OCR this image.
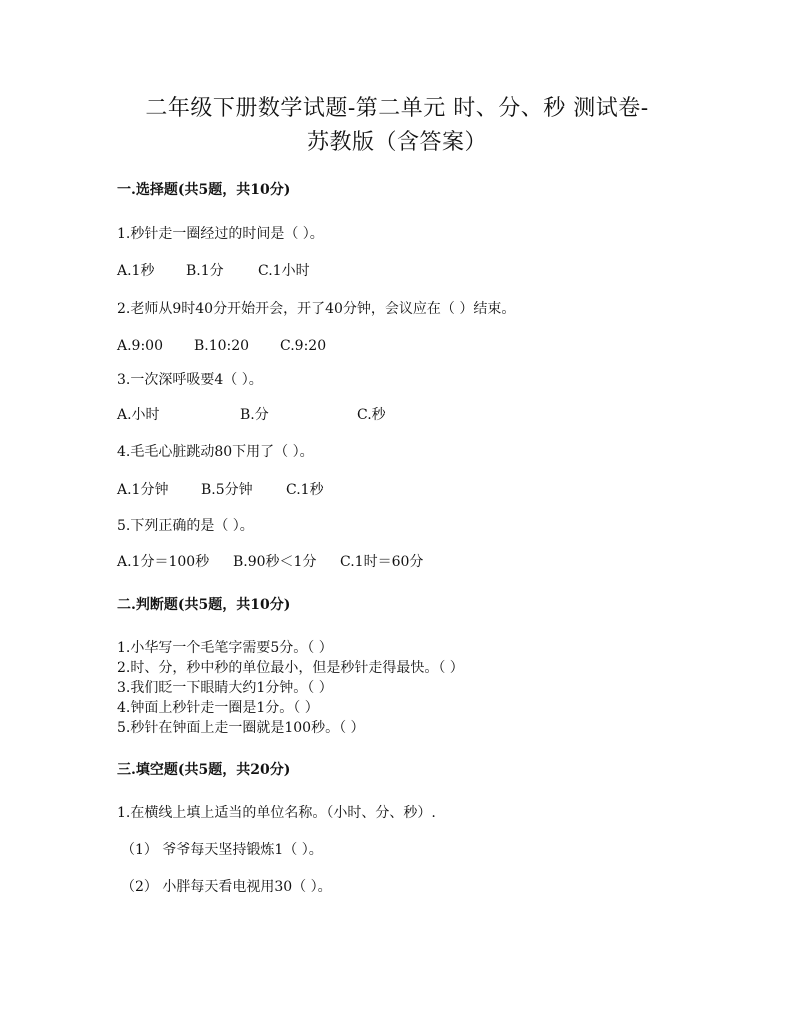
二年级下册数学试题-第二单元 时、分、秒 测试卷-
苏教版（含答案）
一.选择题(共5题，共10分)
1.秒针走一圈经过的时间是（ ）。
A.1秒 B.1分 C.1小时
2.老师从9时40分开始开会，开了40分钟，会议应在（ ）结束。
A.9:00 B.10:20 C.9:20
3.一次深呼吸要4（ ）。
A.小时	B.分	C.秒
4.毛毛心脏跳动80下用了（ ）。
A.1分钟 B.5分钟 C.1秒
5.下列正确的是（ ）。
A.1分＝100秒 B.90秒＜1分 C.1时＝60分
二.判断题(共5题，共10分)
1.小华写一个毛笔字需要5分。（ ）
2.时、分，秒中秒的单位最小，但是秒针走得最快。（ ）
3.我们眨一下眼睛大约1分钟。（ ）
4.钟面上秒针走一圈是1分。（ ）
5.秒针在钟面上走一圈就是100秒。（ ）
三.填空题(共5题，共20分)
1.在横线上填上适当的单位名称。（小时、分、秒）.
（1） 爷爷每天坚持锻炼1（ ）。
（2） 小胖每天看电视用30（ ）。
